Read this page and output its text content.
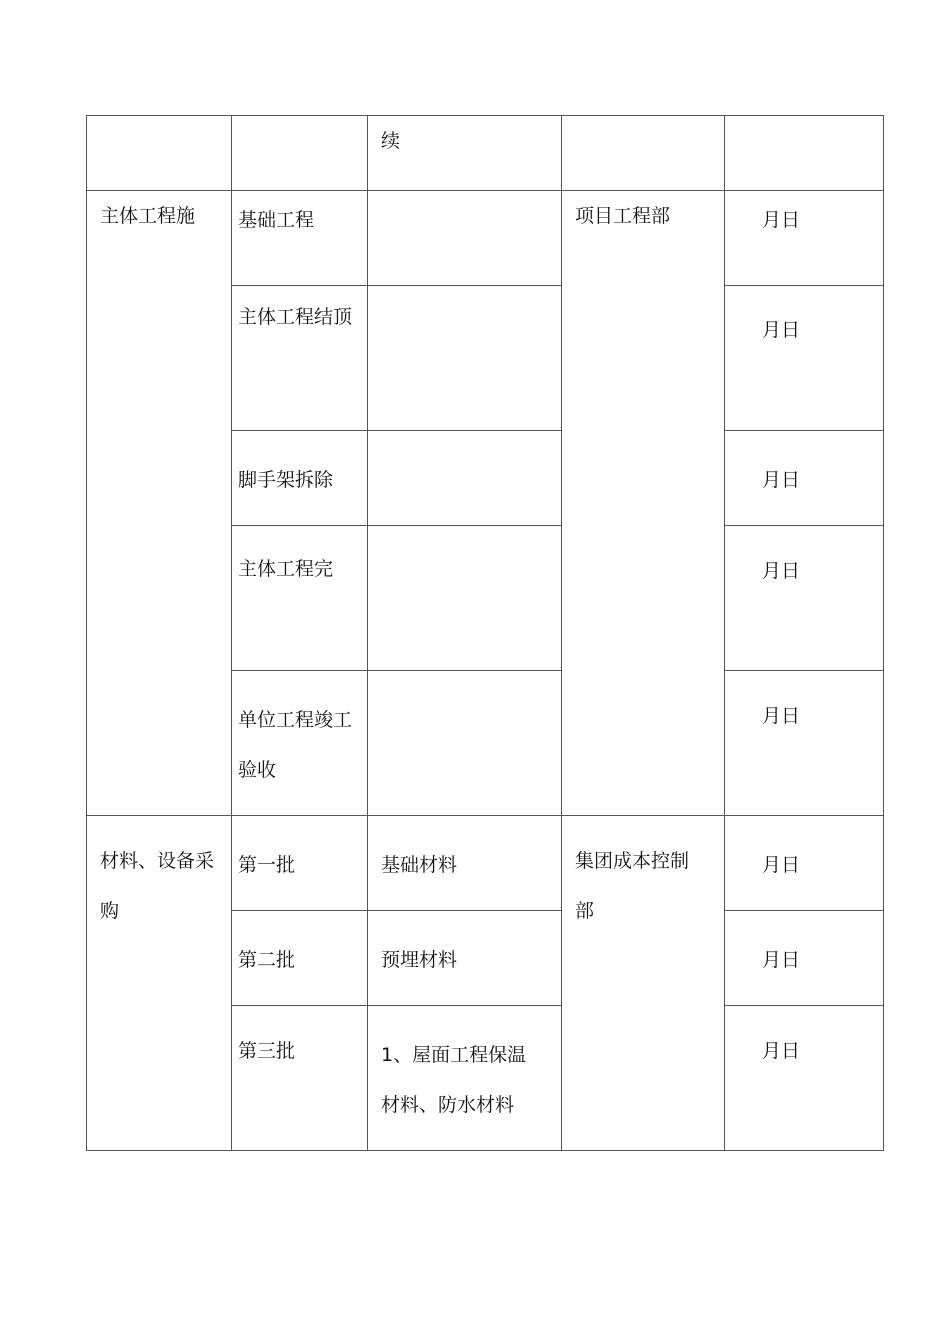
		续		

主体工程施	基础工程		项目工程部	月日

	主体工程结顶			月日

	脚手架拆除			月日

	主体工程完			月日

	单位工程竣工验收			月日

材料、设备采购	第一批	基础材料	集团成本控制部	月日

	第二批	预埋材料		月日

	第三批	1、屋面工程保温材料、防水材料		月日
